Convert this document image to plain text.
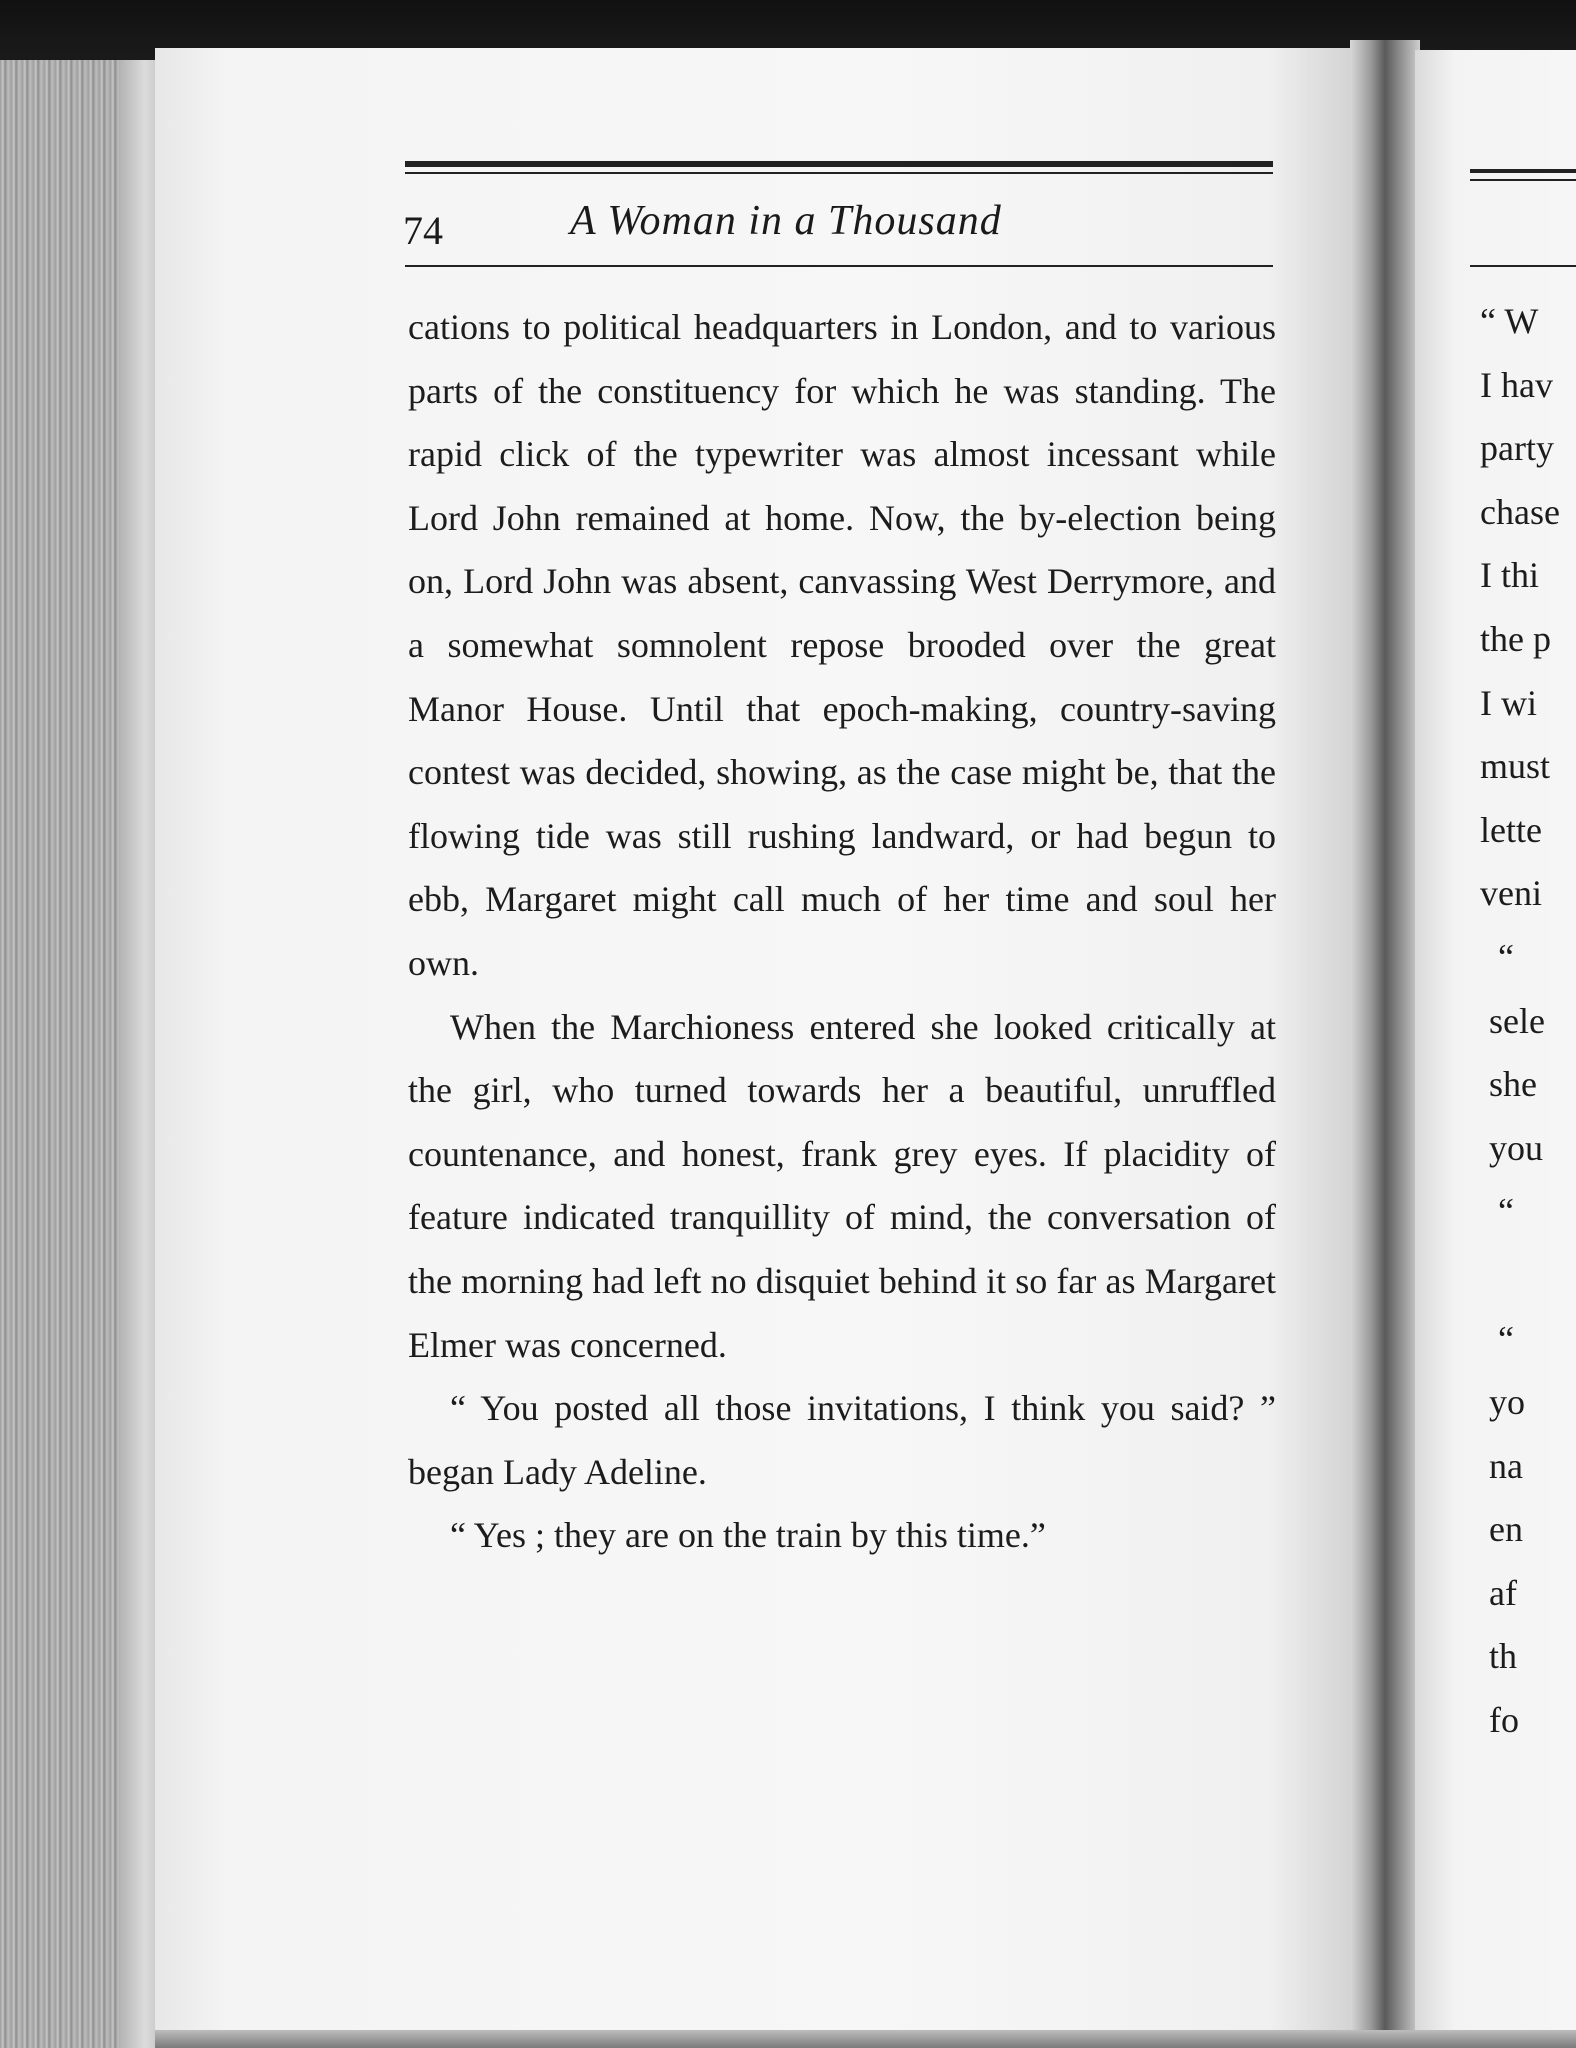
74	A Woman in a Thousand

cations to political headquarters in London, and to various parts of the constituency for which he was standing. The rapid click of the typewriter was almost incessant while Lord John remained at home. Now, the by-election being on, Lord John was absent, canvassing West Derrymore, and a somewhat somnolent repose brooded over the great Manor House. Until that epoch-making, country-saving contest was decided, showing, as the case might be, that the flowing tide was still rushing landward, or had begun to ebb, Margaret might call much of her time and soul her own.

When the Marchioness entered she looked critically at the girl, who turned towards her a beautiful, unruffled countenance, and honest, frank grey eyes. If placidity of feature indicated tranquillity of mind, the conversation of the morning had left no disquiet behind it so far as Margaret Elmer was concerned.

“ You posted all those invitations, I think you said? ” began Lady Adeline.

“ Yes ; they are on the train by this time.”

“ W
I hav
party
chase
I thi
the p
I wi
must
lette
veni
“
sele
she
you
“

“
yo
na
en
af
th
fo
